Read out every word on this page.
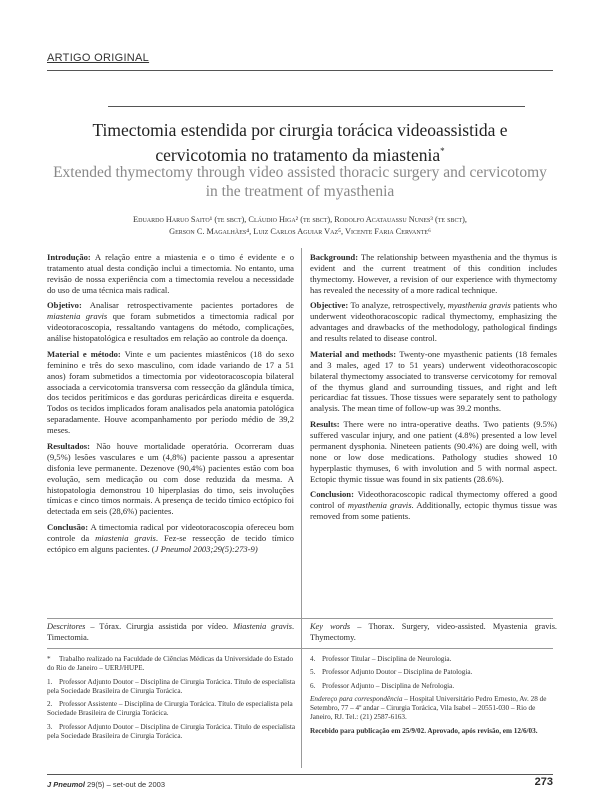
ARTIGO ORIGINAL
Timectomia estendida por cirurgia torácica videoassistida e cervicotomia no tratamento da miastenia*
Extended thymectomy through video assisted thoracic surgery and cervicotomy in the treatment of myasthenia
Eduardo Haruo Saito¹ (te sbct), Cláudio Higa² (te sbct), Rodolfo Acatauassu Nunes³ (te sbct),
Gerson C. Magalhães⁴, Luiz Carlos Aguiar Vaz⁵, Vicente Faria Cervante⁶

Introdução: A relação entre a miastenia e o timo é evidente e o tratamento atual desta condição inclui a timectomia. No entanto, uma revisão de nossa experiência com a timectomia revelou a necessidade do uso de uma técnica mais radical.

Objetivo: Analisar retrospectivamente pacientes portadores de miastenia gravis que foram submetidos a timectomia radical por videotoracoscopia, ressaltando vantagens do método, complicações, análise histopatológica e resultados em relação ao controle da doença.

Material e método: Vinte e um pacientes miastênicos (18 do sexo feminino e três do sexo masculino, com idade variando de 17 a 51 anos) foram submetidos a timectomia por videotoracoscopia bilateral associada a cervicotomia transversa com ressecção da glândula tímica, dos tecidos peritímicos e das gorduras pericárdicas direita e esquerda. Todos os tecidos implicados foram analisados pela anatomia patológica separadamente. Houve acompanhamento por período médio de 39,2 meses.

Resultados: Não houve mortalidade operatória. Ocorreram duas (9,5%) lesões vasculares e um (4,8%) paciente passou a apresentar disfonia leve permanente. Dezenove (90,4%) pacientes estão com boa evolução, sem medicação ou com dose reduzida da mesma. A histopatologia demonstrou 10 hiperplasias do timo, seis involuções tímicas e cinco timos normais. A presença de tecido tímico ectópico foi detectada em seis (28,6%) pacientes.

Conclusão: A timectomia radical por videotoracoscopia ofereceu bom controle da miastenia gravis. Fez-se ressecção de tecido tímico ectópico em alguns pacientes. (J Pneumol 2003;29(5):273-9)

Background: The relationship between myasthenia and the thymus is evident and the current treatment of this condition includes thymectomy. However, a revision of our experience with thymectomy has revealed the necessity of a more radical technique.

Objective: To analyze, retrospectively, myasthenia gravis patients who underwent videothoracoscopic radical thymectomy, emphasizing the advantages and drawbacks of the methodology, pathological findings and results related to disease control.

Material and methods: Twenty-one myasthenic patients (18 females and 3 males, aged 17 to 51 years) underwent videothoracoscopic bilateral thymectomy associated to transverse cervicotomy for removal of the thymus gland and surrounding tissues, and right and left pericardiac fat tissues. Those tissues were separately sent to pathology analysis. The mean time of follow-up was 39.2 months.

Results: There were no intra-operative deaths. Two patients (9.5%) suffered vascular injury, and one patient (4.8%) presented a low level permanent dysphonia. Nineteen patients (90.4%) are doing well, with none or low dose medications. Pathology studies showed 10 hyperplastic thymuses, 6 with involution and 5 with normal aspect. Ectopic thymic tissue was found in six patients (28.6%).

Conclusion: Videothoracoscopic radical thymectomy offered a good control of myasthenia gravis. Additionally, ectopic thymus tissue was removed from some patients.

Descritores – Tórax. Cirurgia assistida por vídeo. Miastenia gravis. Timectomia.
Key words – Thorax. Surgery, video-assisted. Myastenia gravis. Thymectomy.

* Trabalho realizado na Faculdade de Ciências Médicas da Universidade do Estado do Rio de Janeiro – UERJ/HUPE.

1. Professor Adjunto Doutor – Disciplina de Cirurgia Torácica. Título de especialista pela Sociedade Brasileira de Cirurgia Torácica.

2. Professor Assistente – Disciplina de Cirurgia Torácica. Título de especialista pela Sociedade Brasileira de Cirurgia Torácica.

3. Professor Adjunto Doutor – Disciplina de Cirurgia Torácica. Título de especialista pela Sociedade Brasileira de Cirurgia Torácica.

4. Professor Titular – Disciplina de Neurologia.

5. Professor Adjunto Doutor – Disciplina de Patologia.

6. Professor Adjunto – Disciplina de Nefrologia.

Endereço para correspondência – Hospital Universitário Pedro Ernesto, Av. 28 de Setembro, 77 – 4º andar – Cirurgia Torácica, Vila Isabel – 20551-030 – Rio de Janeiro, RJ. Tel.: (21) 2587-6163.

Recebido para publicação em 25/9/02. Aprovado, após revisão, em 12/6/03.

J Pneumol 29(5) – set-out de 2003	273
